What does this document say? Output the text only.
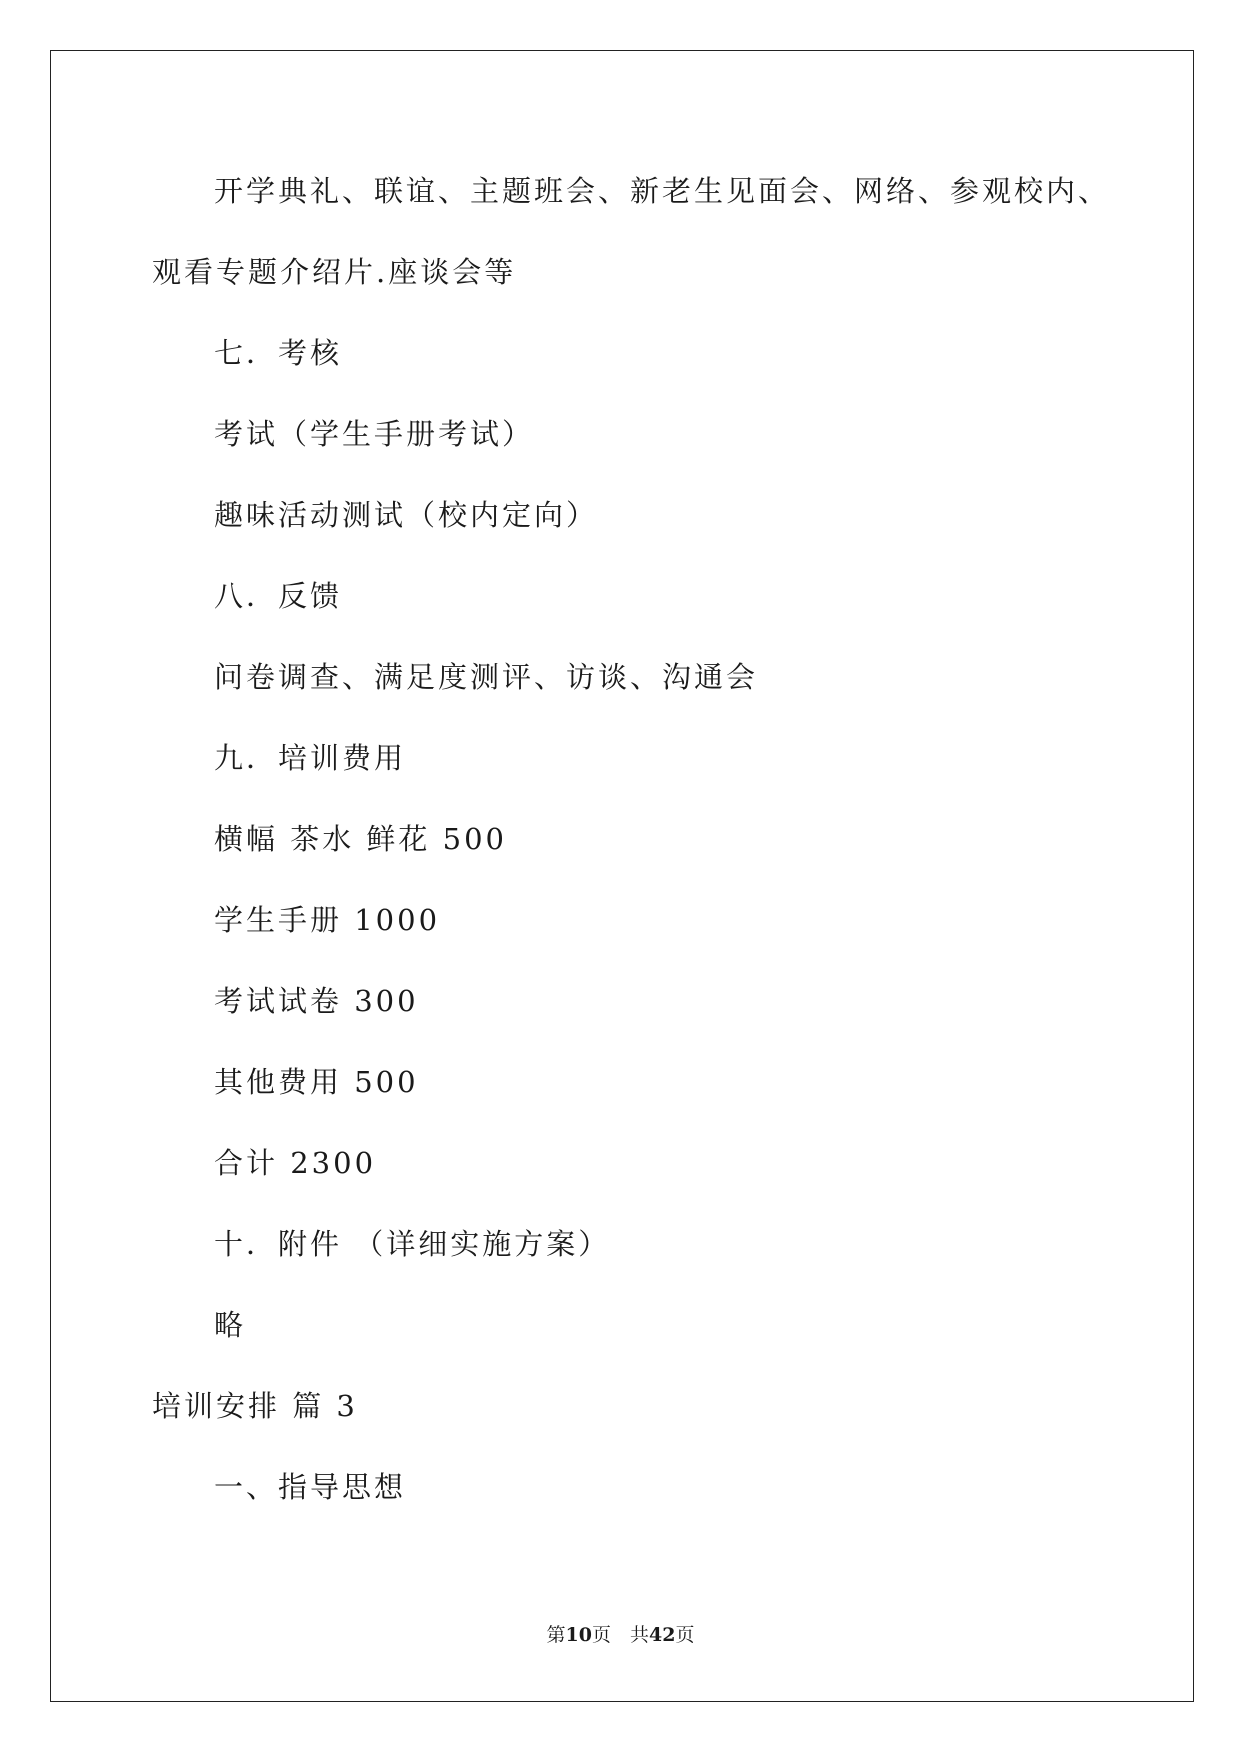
开学典礼、联谊、主题班会、新老生见面会、网络、参观校内、
观看专题介绍片.座谈会等
七．考核
考试（学生手册考试）
趣味活动测试（校内定向）
八．反馈
问卷调查、满足度测评、访谈、沟通会
九．培训费用
横幅 茶水 鲜花 500
学生手册 1000
考试试卷 300
其他费用 500
合计 2300
十．附件 （详细实施方案）
略
培训安排 篇 3
一、指导思想
第10页　共42页
